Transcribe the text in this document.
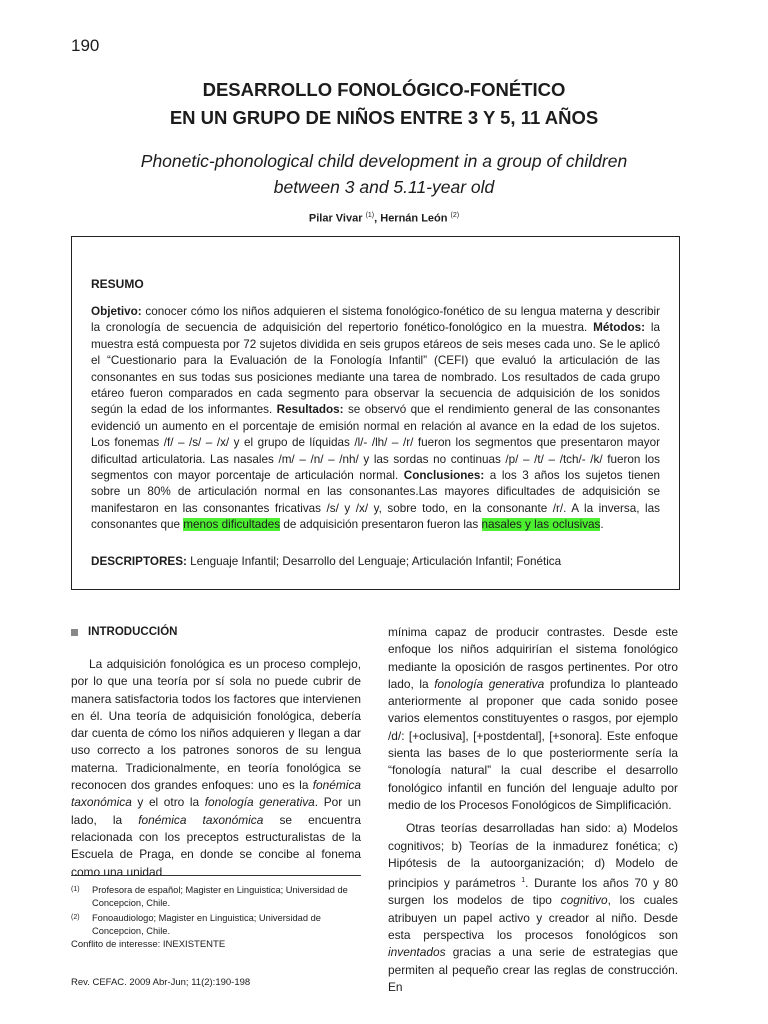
190
DESARROLLO FONOLÓGICO-FONÉTICO
EN UN GRUPO DE NIÑOS ENTRE 3 Y 5, 11 AÑOS
Phonetic-phonological child development in a group of children
between 3 and 5.11-year old
Pilar Vivar $^{(1)}$, Hernán León $^{(2)}$
RESUMO
Objetivo: conocer cómo los niños adquieren el sistema fonológico-fonético de su lengua materna y describir la cronología de secuencia de adquisición del repertorio fonético-fonológico en la muestra. Métodos: la muestra está compuesta por 72 sujetos dividida en seis grupos etáreos de seis meses cada uno. Se le aplicó el “Cuestionario para la Evaluación de la Fonología Infantil” (CEFI) que evaluó la articulación de las consonantes en sus todas sus posiciones mediante una tarea de nombrado. Los resultados de cada grupo etáreo fueron comparados en cada segmento para observar la secuencia de adquisición de los sonidos según la edad de los informantes. Resultados: se observó que el rendimiento general de las consonantes evidenció un aumento en el porcentaje de emisión normal en relación al avance en la edad de los sujetos. Los fonemas /f/ – /s/ – /x/ y el grupo de líquidas /l/- /lh/ – /r/ fueron los segmentos que presentaron mayor dificultad articulatoria. Las nasales /m/ – /n/ – /nh/ y las sordas no continuas /p/ – /t/ – /tch/- /k/ fueron los segmentos con mayor porcentaje de articulación normal. Conclusiones: a los 3 años los sujetos tienen sobre un 80% de articulación normal en las consonantes.Las mayores dificultades de adquisición se manifestaron en las consonantes fricativas /s/ y /x/ y, sobre todo, en la consonante /r/. A la inversa, las consonantes que menos dificultades de adquisición presentaron fueron las nasales y las oclusivas.
DESCRIPTORES: Lenguaje Infantil; Desarrollo del Lenguaje; Articulación Infantil; Fonética
INTRODUCCIÓN

La adquisición fonológica es un proceso complejo, por lo que una teoría por sí sola no puede cubrir de manera satisfactoria todos los factores que intervienen en él. Una teoría de adquisición fonológica, debería dar cuenta de cómo los niños adquieren y llegan a dar uso correcto a los patrones sonoros de su lengua materna. Tradicionalmente, en teoría fonológica se reconocen dos grandes enfoques: uno es la fonémica taxonómica y el otro la fonología generativa. Por un lado, la fonémica taxonómica se encuentra relacionada con los preceptos estructuralistas de la Escuela de Praga, en donde se concibe al fonema como una unidad

mínima capaz de producir contrastes. Desde este enfoque los niños adquirirían el sistema fonológico mediante la oposición de rasgos pertinentes. Por otro lado, la fonología generativa profundiza lo planteado anteriormente al proponer que cada sonido posee varios elementos constituyentes o rasgos, por ejemplo /d/: [+oclusiva], [+postdental], [+sonora]. Este enfoque sienta las bases de lo que posteriormente sería la “fonología natural” la cual describe el desarrollo fonológico infantil en función del lenguaje adulto por medio de los Procesos Fonológicos de Simplificación.

Otras teorías desarrolladas han sido: a) Modelos cognitivos; b) Teorías de la inmadurez fonética; c) Hipótesis de la autoorganización; d) Modelo de principios y parámetros $^1$. Durante los años 70 y 80 surgen los modelos de tipo cognitivo, los cuales atribuyen un papel activo y creador al niño. Desde esta perspectiva los procesos fonológicos son inventados gracias a una serie de estrategias que permiten al pequeño crear las reglas de construcción. En

(1) Profesora de español; Magister en Linguistica; Universidad de Concepcion, Chile.
(2) Fonoaudiologo; Magister en Linguistica; Universidad de Concepcion, Chile.
Conflito de interesse: INEXISTENTE
Rev. CEFAC. 2009 Abr-Jun; 11(2):190-198
